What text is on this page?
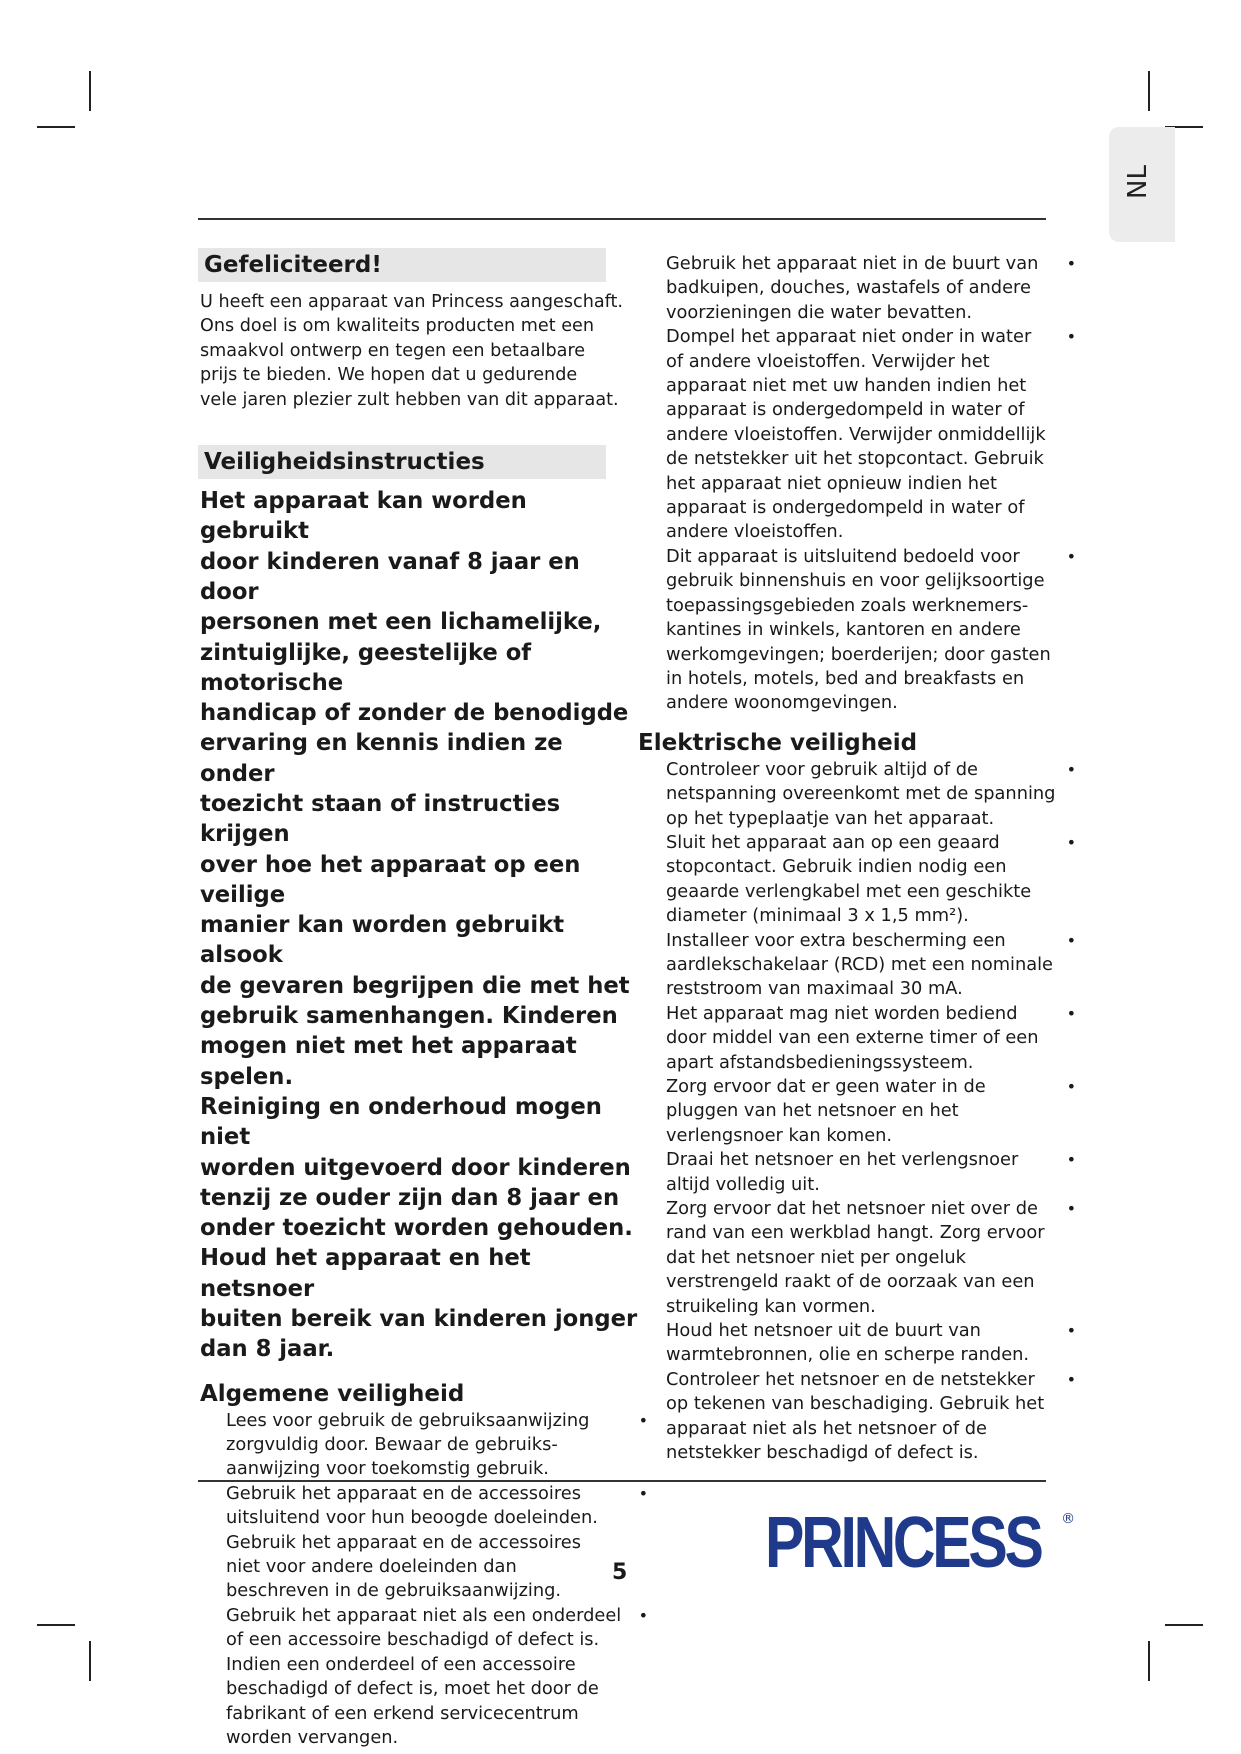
NL
Gefeliciteerd!
U heeft een apparaat van Princess aangeschaft.
Ons doel is om kwaliteits producten met een
smaakvol ontwerp en tegen een betaalbare
prijs te bieden. We hopen dat u gedurende
vele jaren plezier zult hebben van dit apparaat.
Veiligheidsinstructies
Het apparaat kan worden gebruikt
door kinderen vanaf 8 jaar en door
personen met een lichamelijke,
zintuiglijke, geestelijke of motorische
handicap of zonder de benodigde
ervaring en kennis indien ze onder
toezicht staan of instructies krijgen
over hoe het apparaat op een veilige
manier kan worden gebruikt alsook
de gevaren begrijpen die met het
gebruik samenhangen. Kinderen
mogen niet met het apparaat spelen.
Reiniging en onderhoud mogen niet
worden uitgevoerd door kinderen
tenzij ze ouder zijn dan 8 jaar en
onder toezicht worden gehouden.
Houd het apparaat en het netsnoer
buiten bereik van kinderen jonger
dan 8 jaar.
Algemene veiligheid
•
Lees voor gebruik de gebruiksaanwijzing
zorgvuldig door. Bewaar de gebruiks-
aanwijzing voor toekomstig gebruik.
•
Gebruik het apparaat en de accessoires
uitsluitend voor hun beoogde doeleinden.
Gebruik het apparaat en de accessoires
niet voor andere doeleinden dan
beschreven in de gebruiksaanwijzing.
•
Gebruik het apparaat niet als een onderdeel
of een accessoire beschadigd of defect is.
Indien een onderdeel of een accessoire
beschadigd of defect is, moet het door de
fabrikant of een erkend servicecentrum
worden vervangen.
•
Gebruik het apparaat niet in de buurt van
badkuipen, douches, wastafels of andere
voorzieningen die water bevatten.
•
Dompel het apparaat niet onder in water
of andere vloeistoffen. Verwijder het
apparaat niet met uw handen indien het
apparaat is ondergedompeld in water of
andere vloeistoffen. Verwijder onmiddellijk
de netstekker uit het stopcontact. Gebruik
het apparaat niet opnieuw indien het
apparaat is ondergedompeld in water of
andere vloeistoffen.
•
Dit apparaat is uitsluitend bedoeld voor
gebruik binnenshuis en voor gelijksoortige
toepassingsgebieden zoals werknemers-
kantines in winkels, kantoren en andere
werkomgevingen; boerderijen; door gasten
in hotels, motels, bed and breakfasts en
andere woonomgevingen.
Elektrische veiligheid
•
Controleer voor gebruik altijd of de
netspanning overeenkomt met de spanning
op het typeplaatje van het apparaat.
•
Sluit het apparaat aan op een geaard
stopcontact. Gebruik indien nodig een
geaarde verlengkabel met een geschikte
diameter (minimaal 3 x 1,5 mm²).
•
Installeer voor extra bescherming een
aardlekschakelaar (RCD) met een nominale
reststroom van maximaal 30 mA.
•
Het apparaat mag niet worden bediend
door middel van een externe timer of een
apart afstandsbedieningssysteem.
•
Zorg ervoor dat er geen water in de
pluggen van het netsnoer en het
verlengsnoer kan komen.
•
Draai het netsnoer en het verlengsnoer
altijd volledig uit.
•
Zorg ervoor dat het netsnoer niet over de
rand van een werkblad hangt. Zorg ervoor
dat het netsnoer niet per ongeluk
verstrengeld raakt of de oorzaak van een
struikeling kan vormen.
•
Houd het netsnoer uit de buurt van
warmtebronnen, olie en scherpe randen.
•
Controleer het netsnoer en de netstekker
op tekenen van beschadiging. Gebruik het
apparaat niet als het netsnoer of de
netstekker beschadigd of defect is.
5 PRINCESS ®
